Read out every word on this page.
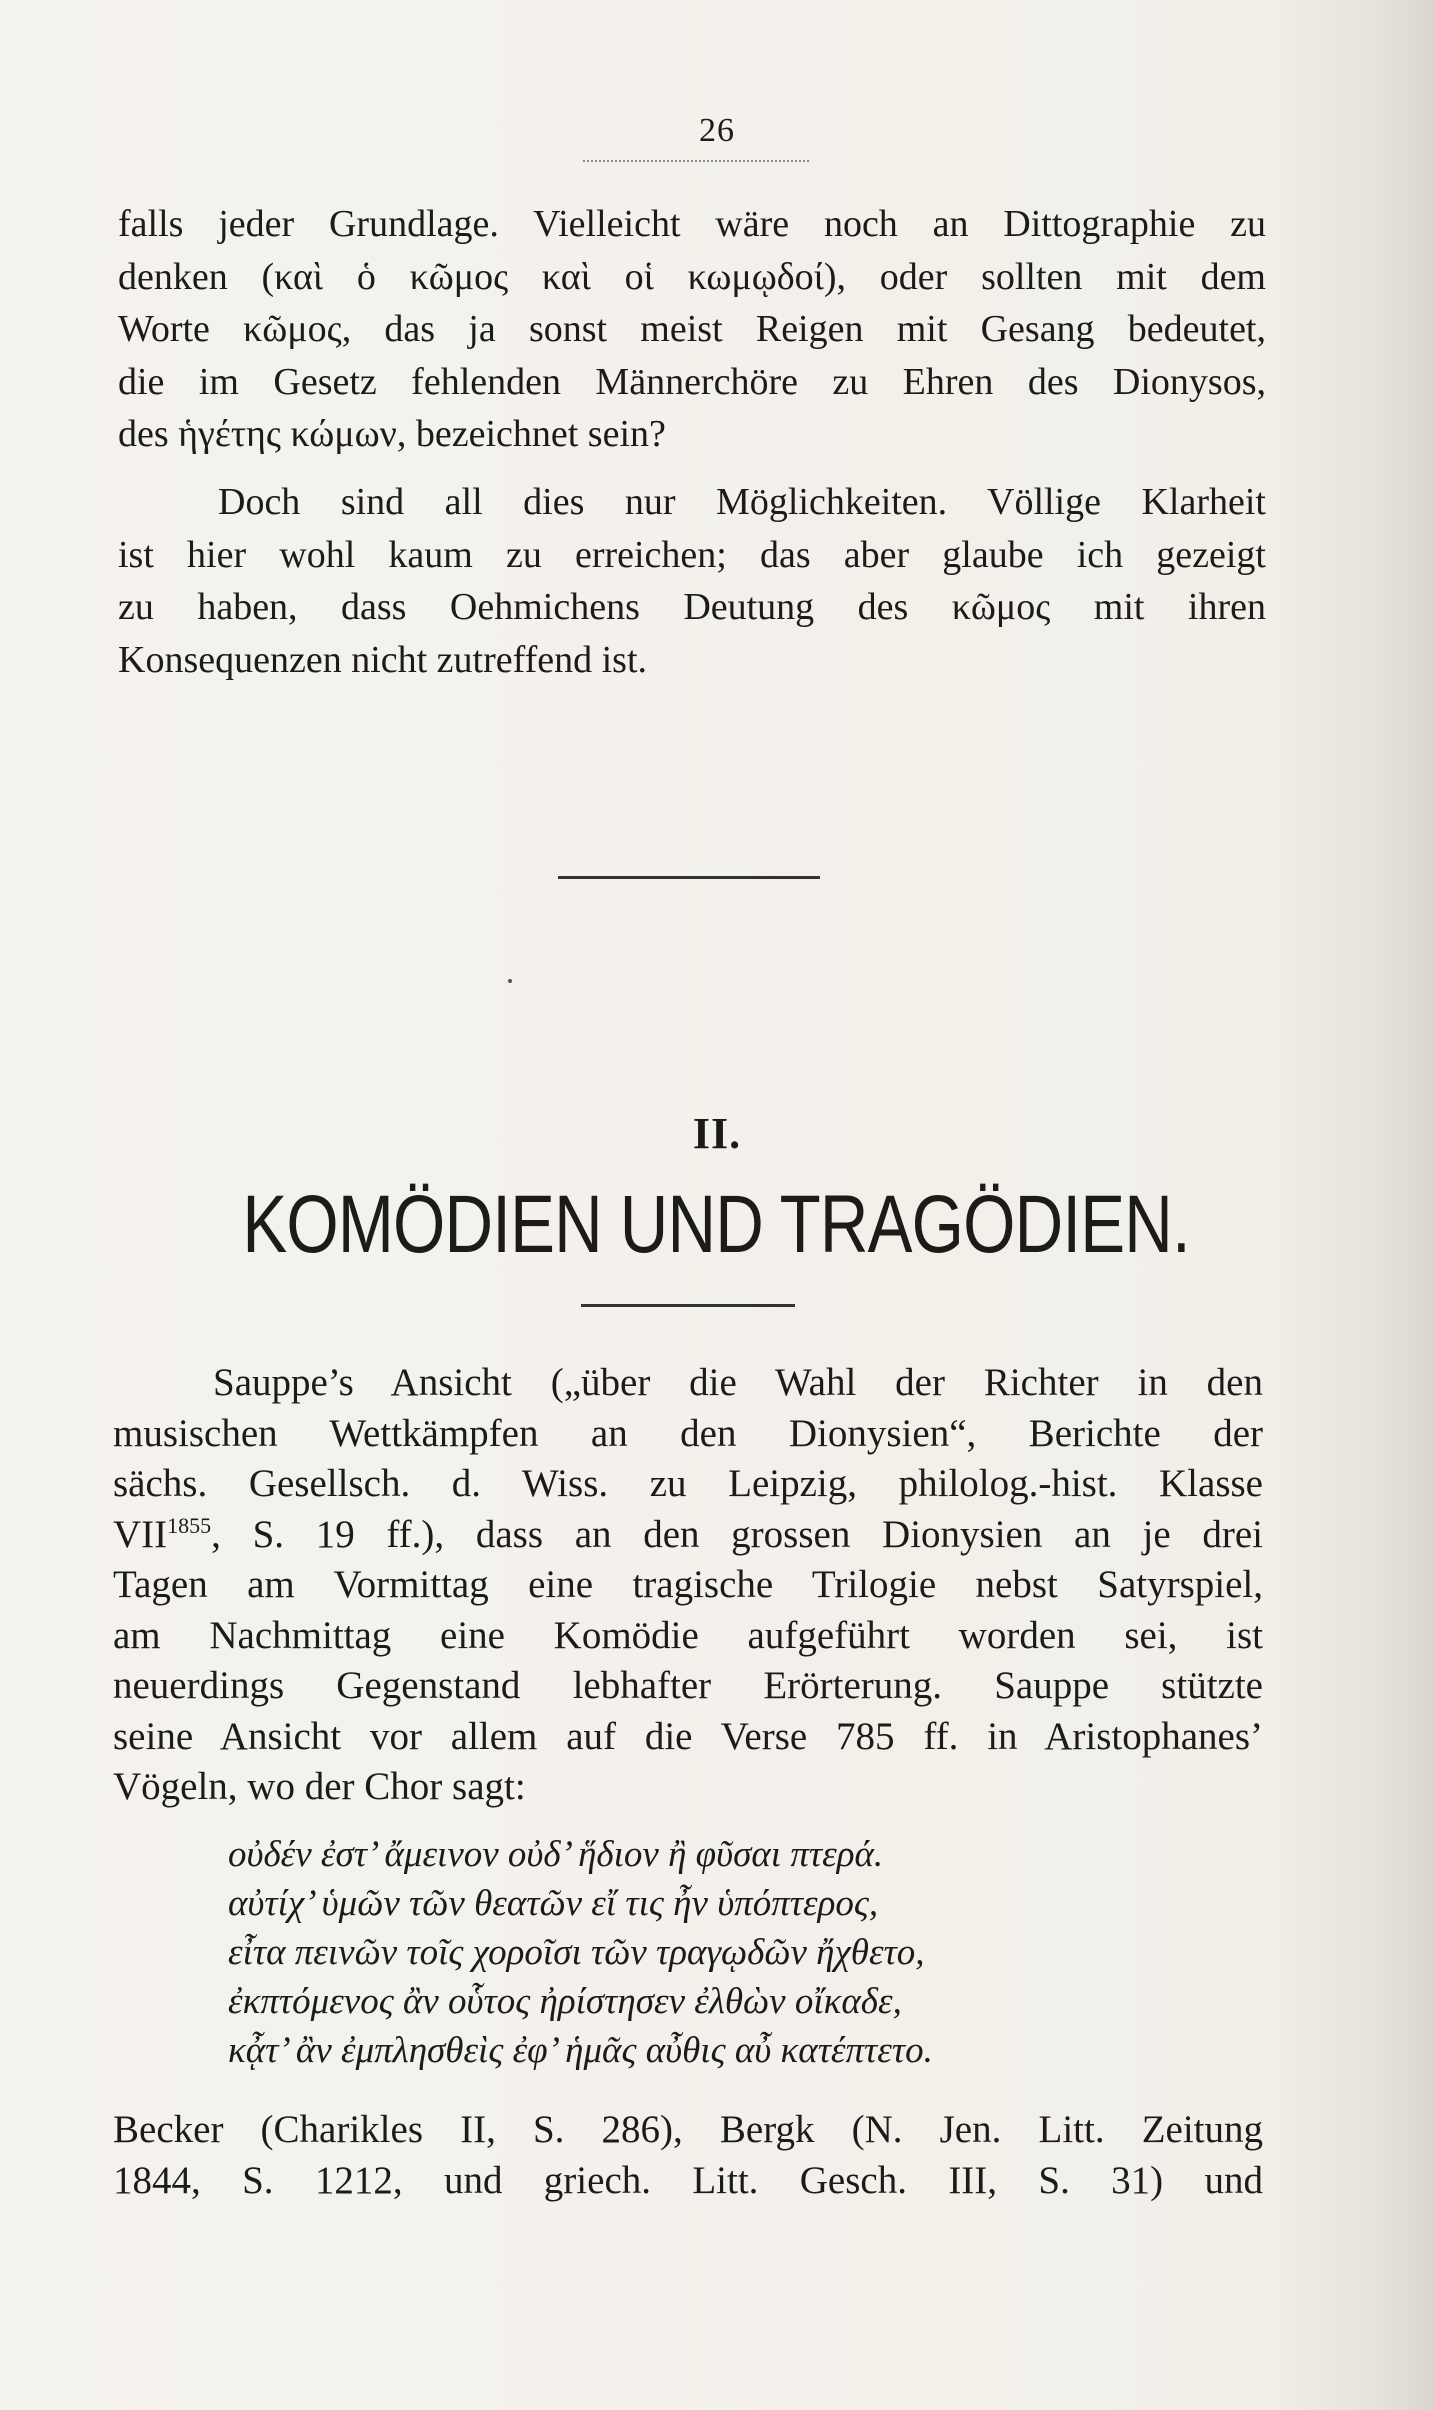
26
falls jeder Grundlage. Vielleicht wäre noch an Dittographie zu
denken (καὶ ὁ κῶμος καὶ οἱ κωμῳδοί), oder sollten mit dem
Worte κῶμος, das ja sonst meist Reigen mit Gesang bedeutet,
die im Gesetz fehlenden Männerchöre zu Ehren des Dionysos,
des ἡγέτης κώμων, bezeichnet sein?
Doch sind all dies nur Möglichkeiten. Völlige Klarheit
ist hier wohl kaum zu erreichen; das aber glaube ich gezeigt
zu haben, dass Oehmichens Deutung des κῶμος mit ihren
Konsequenzen nicht zutreffend ist.
II.
KOMÖDIEN UND TRAGÖDIEN.
Sauppe’s Ansicht („über die Wahl der Richter in den
musischen Wettkämpfen an den Dionysien“, Berichte der
sächs. Gesellsch. d. Wiss. zu Leipzig, philolog.-hist. Klasse
$VII^{1855}$, S. 19 ff.), dass an den grossen Dionysien an je drei
Tagen am Vormittag eine tragische Trilogie nebst Satyrspiel,
am Nachmittag eine Komödie aufgeführt worden sei, ist
neuerdings Gegenstand lebhafter Erörterung. Sauppe stützte
seine Ansicht vor allem auf die Verse 785 ff. in Aristophanes’
Vögeln, wo der Chor sagt:
οὐδέν ἐστ’ ἄμεινον οὐδ’ ἥδιον ἢ φῦσαι πτερά.
αὐτίχ’ ὑμῶν τῶν θεατῶν εἴ τις ἦν ὑπόπτερος,
εἶτα πεινῶν τοῖς χοροῖσι τῶν τραγῳδῶν ἤχθετο,
ἐκπτόμενος ἂν οὗτος ἠρίστησεν ἐλθὼν οἴκαδε,
κᾆτ’ ἂν ἐμπλησθεὶς ἐφ’ ἡμᾶς αὖθις αὖ κατέπτετο.
Becker (Charikles II, S. 286), Bergk (N. Jen. Litt. Zeitung
1844, S. 1212, und griech. Litt. Gesch. III, S. 31) und
